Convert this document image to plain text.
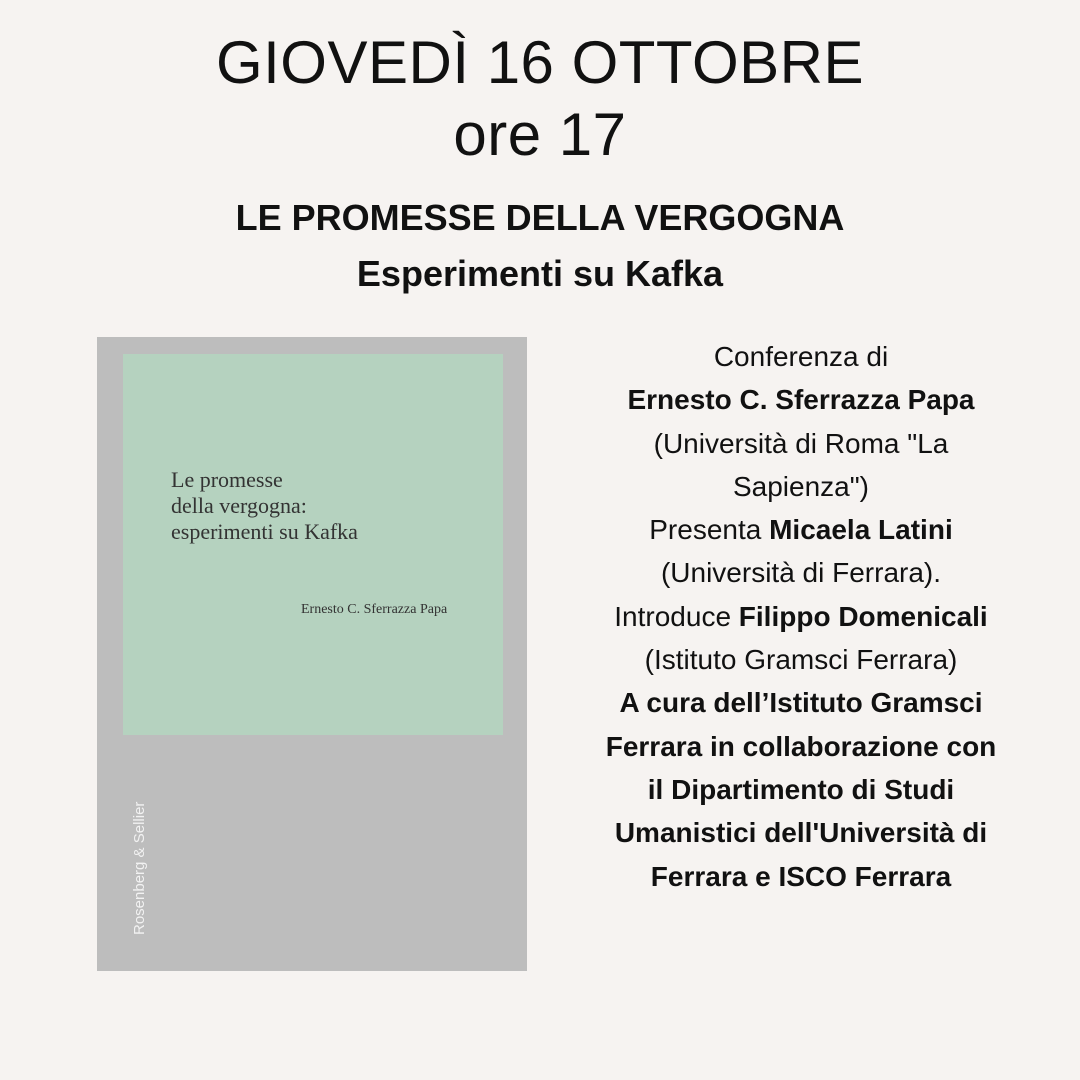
GIOVEDÌ 16 OTTOBRE
ore 17
LE PROMESSE DELLA VERGOGNA
Esperimenti su Kafka
Le promesse
della vergogna:
esperimenti su Kafka
Ernesto C. Sferrazza Papa
Rosenberg & Sellier
Conferenza di
Ernesto C. Sferrazza Papa
(Università di Roma "La
Sapienza")
Presenta Micaela Latini
(Università di Ferrara).
Introduce Filippo Domenicali
(Istituto Gramsci Ferrara)
A cura dell’Istituto Gramsci
Ferrara in collaborazione con
il Dipartimento di Studi
Umanistici dell'Università di
Ferrara e ISCO Ferrara
